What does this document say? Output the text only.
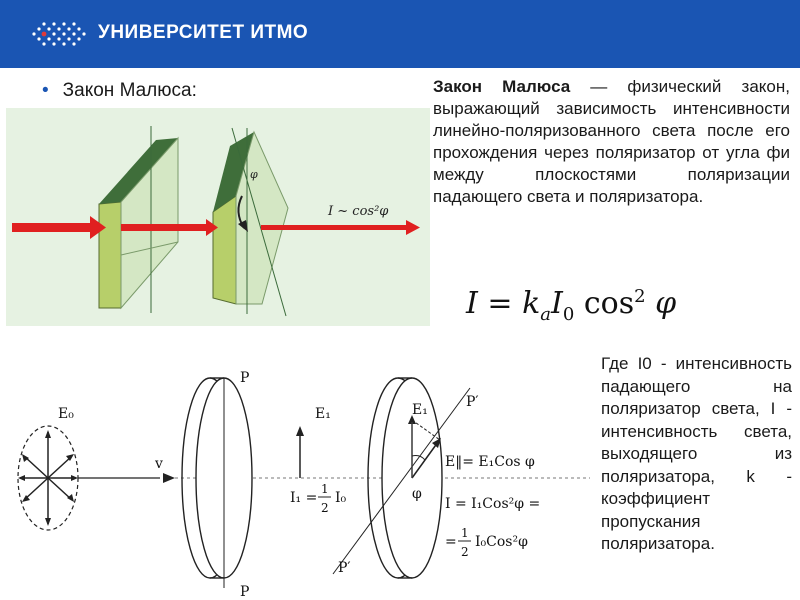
УНИВЕРСИТЕТ ИТМО
• Закон Малюса:
φ
I ~ cos²φ
Закон Малюса — физический закон, выражающий зависимость интенсивности линейно-поляризованного света после его прохождения через поляризатор от угла фи между плоскостями поляризации падающего света и поляризатора.
$I = k_aI_0$ $\cos^2 \varphi$
E₀
v
P
P
E₁
I₁ =
1
2
I₀
E₁	P′
P′
E‖= E₁Cos φ
φ
I = I₁Cos²φ =
=
1
2
I₀Cos²φ
Где I0 - интенсивность падающего на поляризатор света, I - интенсивность света, выходящего из поляризатора, k - коэффициент пропускания поляризатора.
